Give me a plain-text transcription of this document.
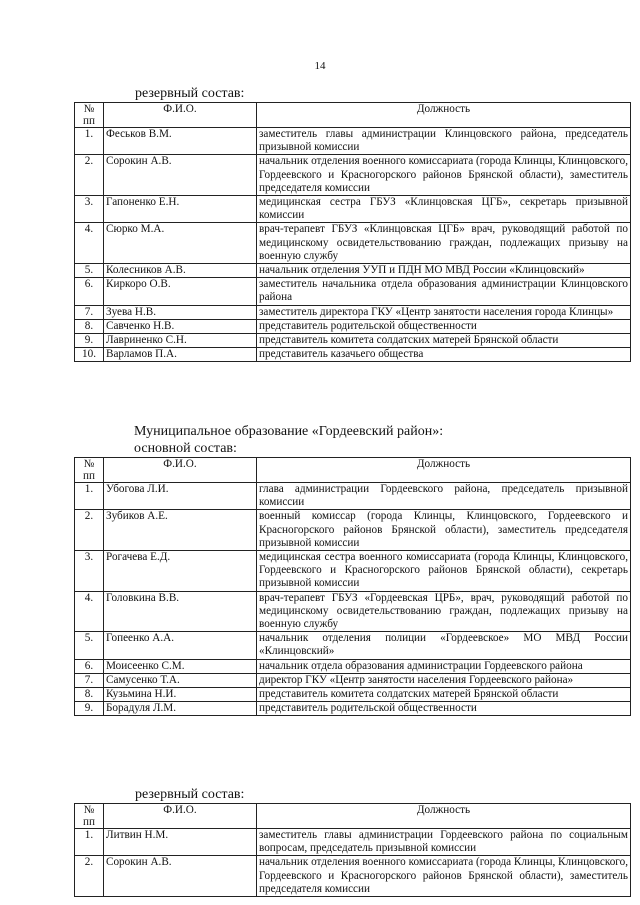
14
резервный состав:
№ пп	Ф.И.О.	Должность
1.	Феськов В.М.	заместитель главы администрации Клинцовского района, председатель призывной комиссии
2.	Сорокин А.В.	начальник отделения военного комиссариата (города Клинцы, Клинцовского, Гордеевского и Красногорского районов Брянской области), заместитель председателя комиссии
3.	Гапоненко Е.Н.	медицинская сестра ГБУЗ «Клинцовская ЦГБ», секретарь призывной комиссии
4.	Сюрко М.А.	врач-терапевт ГБУЗ «Клинцовская ЦГБ» врач, руководящий работой по медицинскому освидетельствованию граждан, подлежащих призыву на военную службу
5.	Колесников А.В.	начальник отделения УУП и ПДН МО МВД России «Клинцовский»
6.	Киркоро О.В.	заместитель начальника отдела образования администрации Клинцовского района
7.	Зуева Н.В.	заместитель директора ГКУ «Центр занятости населения города Клинцы»
8.	Савченко Н.В.	представитель родительской общественности
9.	Лавриненко С.Н.	представитель комитета солдатских матерей Брянской области
10.	Варламов П.А.	представитель казачьего общества
Муниципальное образование «Гордеевский район»:
основной состав:
№ пп	Ф.И.О.	Должность
1.	Убогова Л.И.	глава администрации Гордеевского района, председатель призывной комиссии
2.	Зубиков А.Е.	военный комиссар (города Клинцы, Клинцовского, Гордеевского и Красногорского районов Брянской области), заместитель председателя призывной комиссии
3.	Рогачева Е.Д.	медицинская сестра военного комиссариата (города Клинцы, Клинцовского, Гордеевского и Красногорского районов Брянской области), секретарь призывной комиссии
4.	Головкина В.В.	врач-терапевт ГБУЗ «Гордеевская ЦРБ», врач, руководящий работой по медицинскому освидетельствованию граждан, подлежащих призыву на военную службу
5.	Гопеенко А.А.	начальник отделения полиции «Гордеевское» МО МВД России «Клинцовский»
6.	Моисеенко С.М.	начальник отдела образования администрации Гордеевского района
7.	Самусенко Т.А.	директор ГКУ «Центр занятости населения Гордеевского района»
8.	Кузьмина Н.И.	представитель комитета солдатских матерей Брянской области
9.	Борадуля Л.М.	представитель родительской общественности
резервный состав:
№ пп	Ф.И.О.	Должность
1.	Литвин Н.М.	заместитель главы администрации Гордеевского района по социальным вопросам, председатель призывной комиссии
2.	Сорокин А.В.	начальник отделения военного комиссариата (города Клинцы, Клинцовского, Гордеевского и Красногорского районов Брянской области), заместитель председателя комиссии
